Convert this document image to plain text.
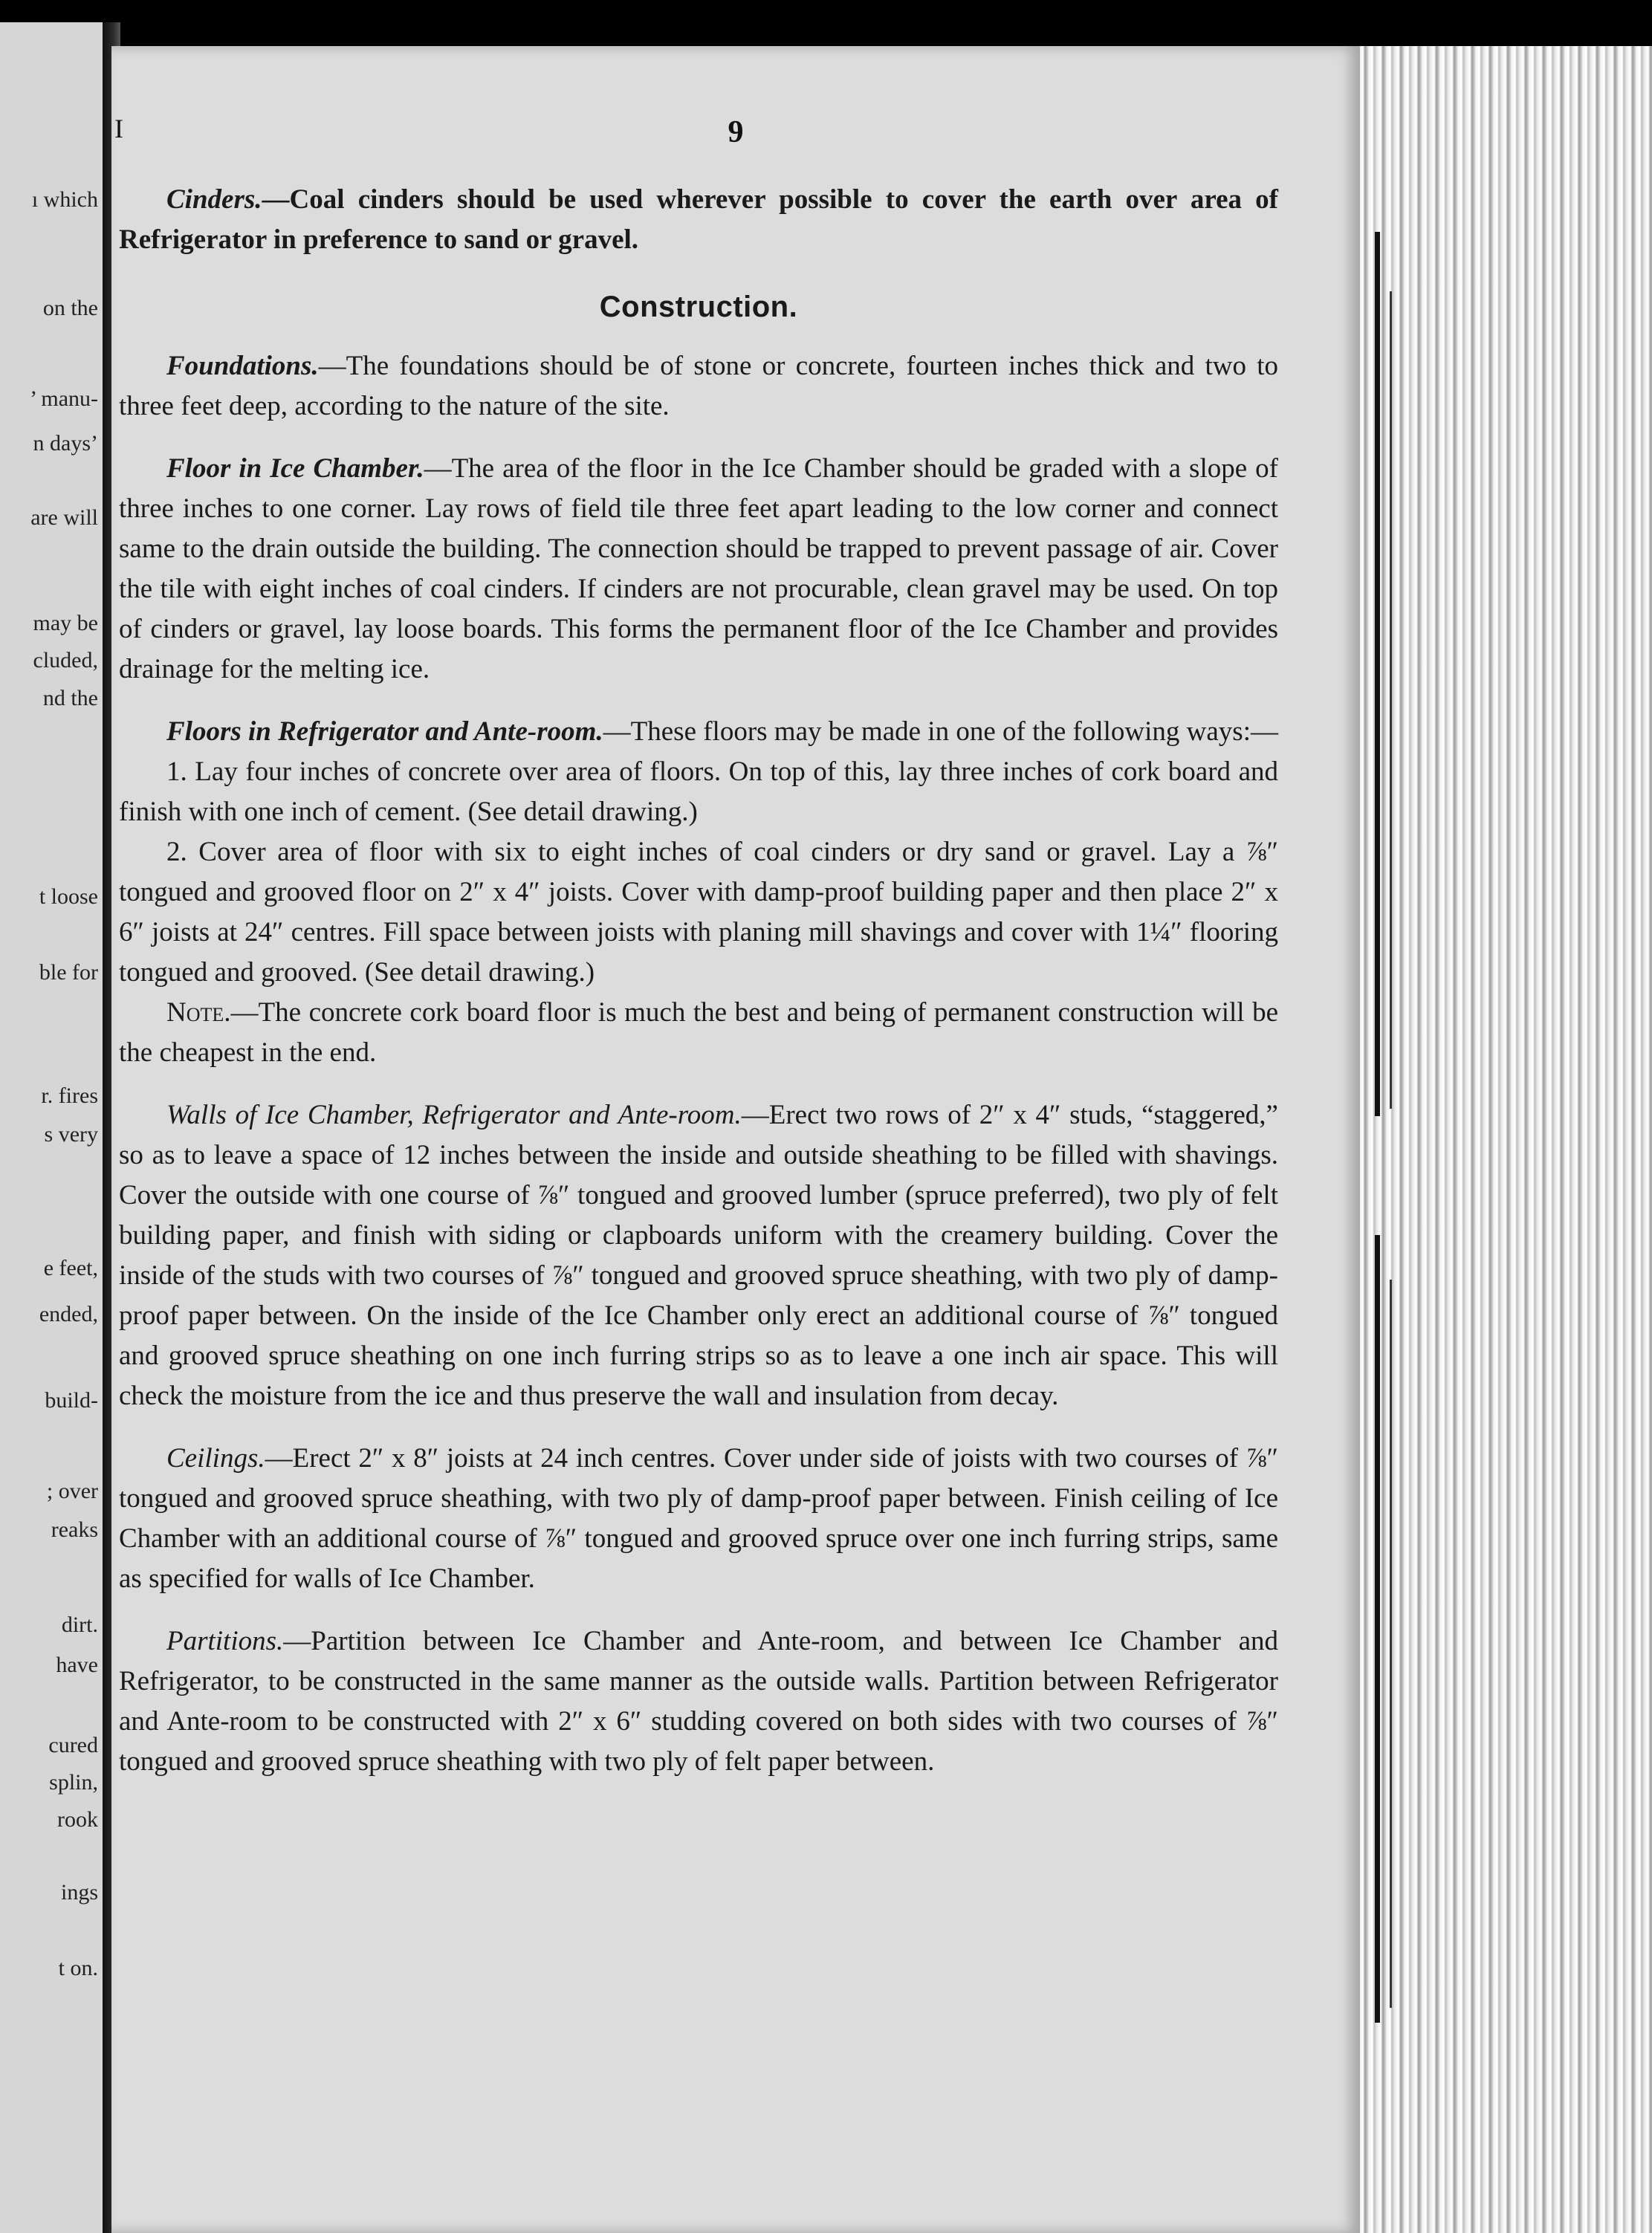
ı which
on the
’ manu-
n days’
are will
may be
cluded,
nd the
t loose
ble for
r. fires
s very
e feet,
ended,
build-
; over
reaks
dirt.
have
cured
splin,
rook
ings
t on.
I	9

Cinders.—Coal cinders should be used wherever possible to cover the earth over area of Refrigerator in preference to sand or gravel.

Construction.

Foundations.—The foundations should be of stone or concrete, fourteen inches thick and two to three feet deep, according to the nature of the site.

Floor in Ice Chamber.—The area of the floor in the Ice Chamber should be graded with a slope of three inches to one corner. Lay rows of field tile three feet apart leading to the low corner and connect same to the drain outside the building. The connection should be trapped to prevent passage of air. Cover the tile with eight inches of coal cinders. If cinders are not procurable, clean gravel may be used. On top of cinders or gravel, lay loose boards. This forms the permanent floor of the Ice Chamber and provides drainage for the melting ice.

Floors in Refrigerator and Ante-room.—These floors may be made in one of the following ways:—

1. Lay four inches of concrete over area of floors. On top of this, lay three inches of cork board and finish with one inch of cement. (See detail drawing.)

2. Cover area of floor with six to eight inches of coal cinders or dry sand or gravel. Lay a ⅞″ tongued and grooved floor on 2″ x 4″ joists. Cover with damp-proof building paper and then place 2″ x 6″ joists at 24″ centres. Fill space between joists with planing mill shavings and cover with 1¼″ flooring tongued and grooved. (See detail drawing.)

Note.—The concrete cork board floor is much the best and being of permanent construction will be the cheapest in the end.

Walls of Ice Chamber, Refrigerator and Ante-room.—Erect two rows of 2″ x 4″ studs, “staggered,” so as to leave a space of 12 inches between the inside and outside sheathing to be filled with shavings. Cover the outside with one course of ⅞″ tongued and grooved lumber (spruce preferred), two ply of felt building paper, and finish with siding or clapboards uniform with the creamery building. Cover the inside of the studs with two courses of ⅞″ tongued and grooved spruce sheathing, with two ply of damp-proof paper between. On the inside of the Ice Chamber only erect an additional course of ⅞″ tongued and grooved spruce sheathing on one inch furring strips so as to leave a one inch air space. This will check the moisture from the ice and thus preserve the wall and insulation from decay.

Ceilings.—Erect 2″ x 8″ joists at 24 inch centres. Cover under side of joists with two courses of ⅞″ tongued and grooved spruce sheathing, with two ply of damp-proof paper between. Finish ceiling of Ice Chamber with an additional course of ⅞″ tongued and grooved spruce over one inch furring strips, same as specified for walls of Ice Chamber.

Partitions.—Partition between Ice Chamber and Ante-room, and between Ice Chamber and Refrigerator, to be constructed in the same manner as the outside walls. Partition between Refrigerator and Ante-room to be constructed with 2″ x 6″ studding covered on both sides with two courses of ⅞″ tongued and grooved spruce sheathing with two ply of felt paper between.
